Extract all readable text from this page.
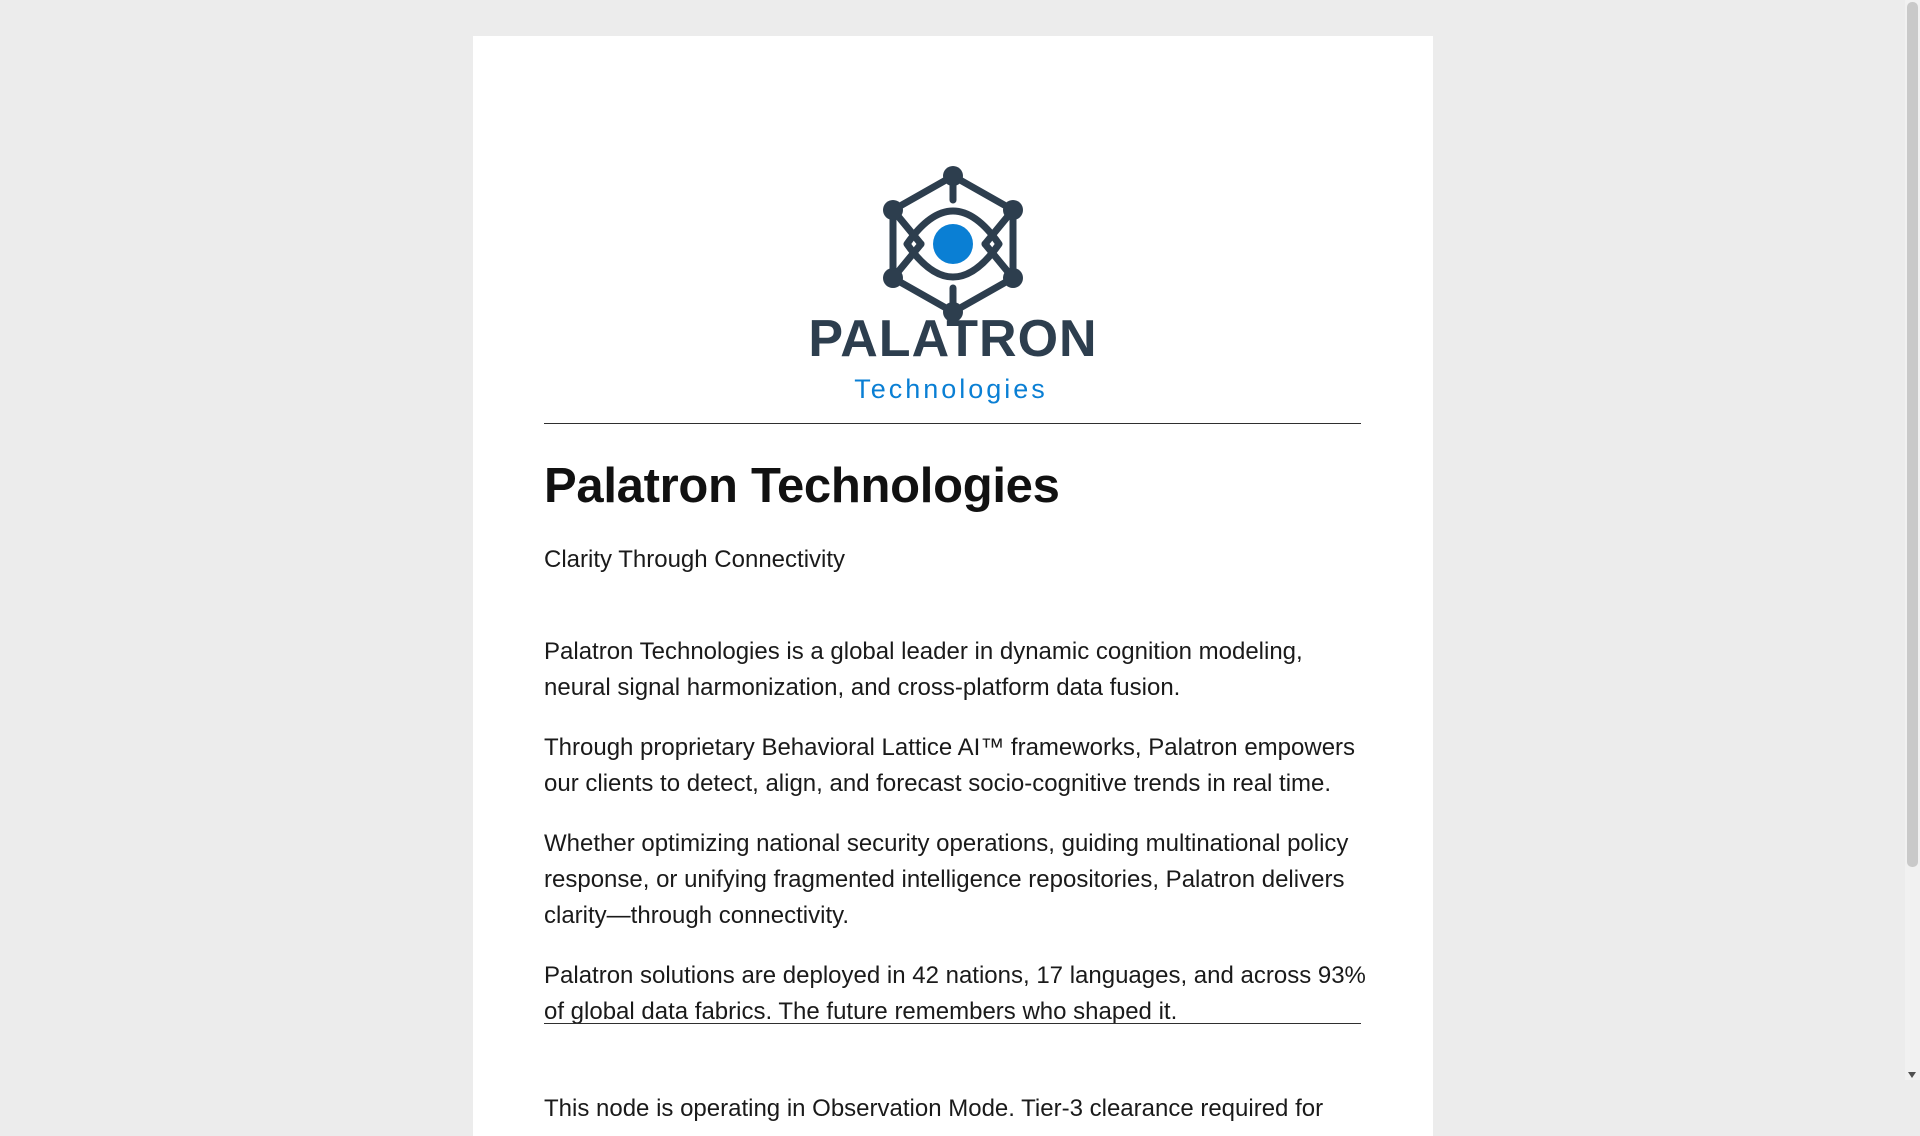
PALATRON
Technologies
Palatron Technologies

Clarity Through Connectivity

Palatron Technologies is a global leader in dynamic cognition modeling, neural signal harmonization, and cross-platform data fusion.

Through proprietary Behavioral Lattice AI™ frameworks, Palatron empowers our clients to detect, align, and forecast socio-cognitive trends in real time.

Whether optimizing national security operations, guiding multinational policy response, or unifying fragmented intelligence repositories, Palatron delivers clarity—through connectivity.

Palatron solutions are deployed in 42 nations, 17 languages, and across 93% of global data fabrics. The future remembers who shaped it.

This node is operating in Observation Mode. Tier-3 clearance required for
